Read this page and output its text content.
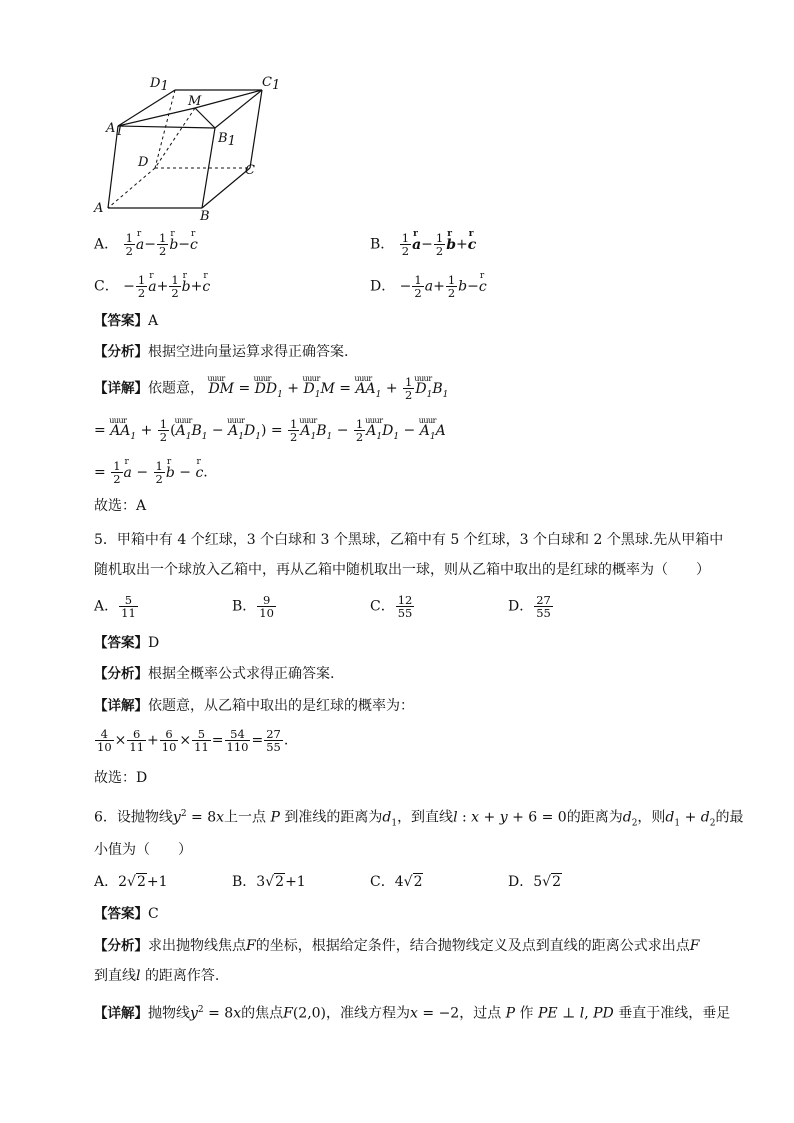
D1
M
C1
A1	B1
D
C
A
B
A． $\frac{1}{2}$ r $a- \frac{1}{2}$ r b−r c	B． $\frac{1}{2}$ r $a- \frac{1}{2}$ r b+r c
C． − $\frac{1}{2}$ r $a+ \frac{1}{2}$ r b+r c	D． − $\frac{1}{2} a+ \frac{1}{2} b-r$ c
【答案】A
【分析】根据空进向量运算求得正确答案.
【详解】依题意， uuur DM = uuur $DD_1$ + uuur $D_1M$ = uuur $AA_1 + \frac{1}{2}$ uuur $D_1B_1$
= uuur $AA_1 + \frac{1}{2}$ (uuur $A_1B_1$ − uuur $A_1D_1) = \frac{1}{2}$ uuur $A_1B_1 - \frac{1}{2}$ uuur $A_1D_1$ − uuur $A_1A$
= $\frac{1}{2}$ r $a - \frac{1}{2}$ r b − r c.
故选：A
5．甲箱中有 4 个红球，3 个白球和 3 个黑球，乙箱中有 5 个红球，3 个白球和 2 个黑球.先从甲箱中
随机取出一个球放入乙箱中，再从乙箱中随机取出一球，则从乙箱中取出的是红球的概率为（　　）
A． $\frac{5}{11}$	B． $\frac{9}{10}$	C． $\frac{12}{55}$	D． $\frac{27}{55}$
【答案】D
【分析】根据全概率公式求得正确答案.
【详解】依题意，从乙箱中取出的是红球的概率为：
$\frac{4}{10} \times \frac{6}{11} + \frac{6}{10} \times \frac{5}{11} = \frac{54}{110} = \frac{27}{55}$ .
故选：D
6．设抛物线$y^2 = 8x$上一点 P 到准线的距离为$d_1$，到直线l : x + y + 6 = 0的距离为$d_2$，则$d_1 + d_2$的最
小值为（　　）
A．2√2+1	B．3√2+1	C．4√2	D．5√2
【答案】C
【分析】求出抛物线焦点F的坐标，根据给定条件，结合抛物线定义及点到直线的距离公式求出点F
到直线l 的距离作答.
【详解】抛物线$y^2 = 8x$的焦点F(2,0)，准线方程为x = −2，过点 P 作 PE ⊥ l, PD 垂直于准线，垂足
